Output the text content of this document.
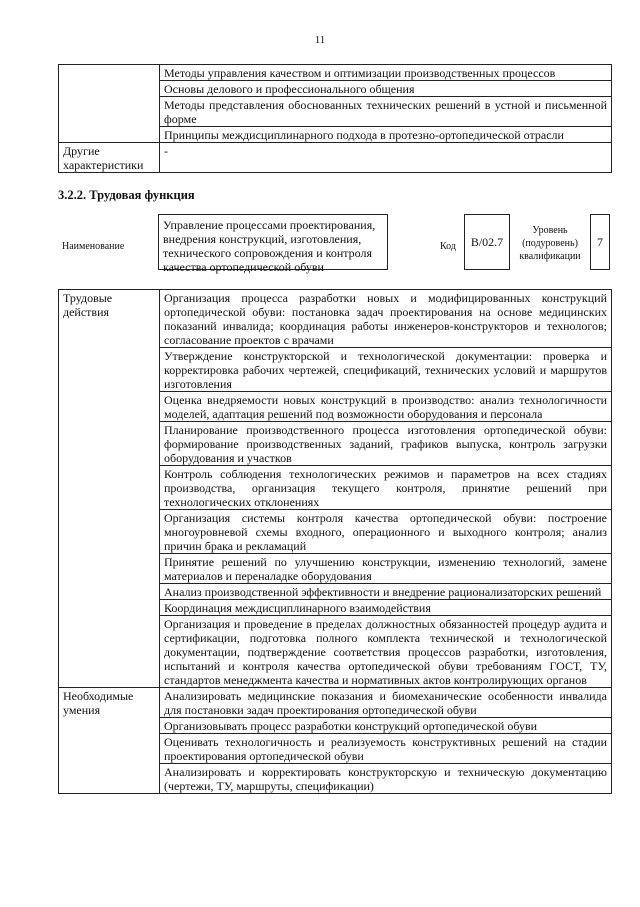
11
	Методы управления качеством и оптимизации производственных процессов
	Основы делового и профессионального общения
	Методы представления обоснованных технических решений в устной и письменной форме
	Принципы междисциплинарного подхода в протезно-ортопедической отрасли
Другие характеристики	-
3.2.2. Трудовая функция
Наименование
Управление процессами проектирования, внедрения конструкций, изготовления, технического сопровождения и контроля качества ортопедической обуви
Код	B/02.7
Уровень (подуровень) квалификации
7
Трудовые действия	Организация процесса разработки новых и модифицированных конструкций ортопедической обуви: постановка задач проектирования на основе медицинских показаний инвалида; координация работы инженеров-конструкторов и технологов; согласование проектов с врачами
	Утверждение конструкторской и технологической документации: проверка и корректировка рабочих чертежей, спецификаций, технических условий и маршрутов изготовления
	Оценка внедряемости новых конструкций в производство: анализ технологичности моделей, адаптация решений под возможности оборудования и персонала
	Планирование производственного процесса изготовления ортопедической обуви: формирование производственных заданий, графиков выпуска, контроль загрузки оборудования и участков
	Контроль соблюдения технологических режимов и параметров на всех стадиях производства, организация текущего контроля, принятие решений при технологических отклонениях
	Организация системы контроля качества ортопедической обуви: построение многоуровневой схемы входного, операционного и выходного контроля; анализ причин брака и рекламаций
	Принятие решений по улучшению конструкции, изменению технологий, замене материалов и переналадке оборудования
	Анализ производственной эффективности и внедрение рационализаторских решений
	Координация междисциплинарного взаимодействия
	Организация и проведение в пределах должностных обязанностей процедур аудита и сертификации, подготовка полного комплекта технической и технологической документации, подтверждение соответствия процессов разработки, изготовления, испытаний и контроля качества ортопедической обуви требованиям ГОСТ, ТУ, стандартов менеджмента качества и нормативных актов контролирующих органов
Необходимые умения	Анализировать медицинские показания и биомеханические особенности инвалида для постановки задач проектирования ортопедической обуви
	Организовывать процесс разработки конструкций ортопедической обуви
	Оценивать технологичность и реализуемость конструктивных решений на стадии проектирования ортопедической обуви
	Анализировать и корректировать конструкторскую и техническую документацию (чертежи, ТУ, маршруты, спецификации)
